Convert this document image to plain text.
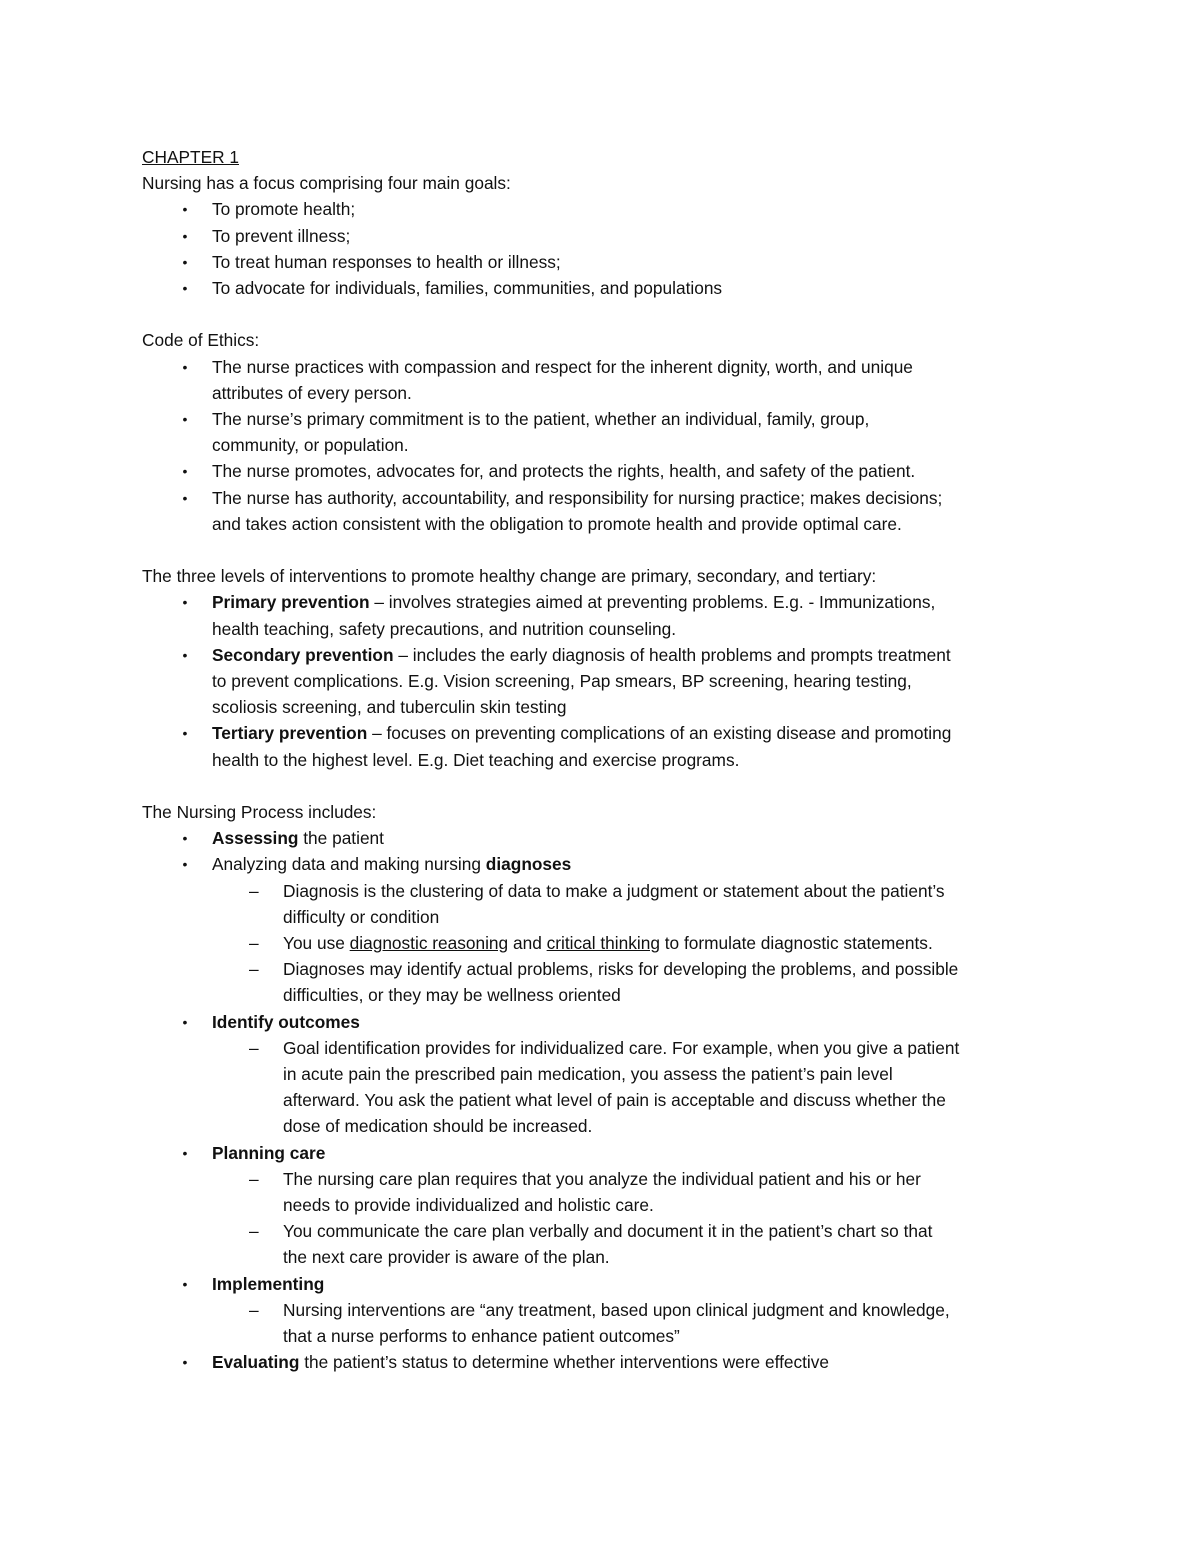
CHAPTER 1

Nursing has a focus comprising four main goals:

• To promote health;

• To prevent illness;

• To treat human responses to health or illness;

• To advocate for individuals, families, communities, and populations

Code of Ethics:

• The nurse practices with compassion and respect for the inherent dignity, worth, and unique

attributes of every person.

• The nurse’s primary commitment is to the patient, whether an individual, family, group,

community, or population.

• The nurse promotes, advocates for, and protects the rights, health, and safety of the patient.

• The nurse has authority, accountability, and responsibility for nursing practice; makes decisions;

and takes action consistent with the obligation to promote health and provide optimal care.

The three levels of interventions to promote healthy change are primary, secondary, and tertiary:

• Primary prevention – involves strategies aimed at preventing problems. E.g. - Immunizations,

health teaching, safety precautions, and nutrition counseling.

• Secondary prevention – includes the early diagnosis of health problems and prompts treatment

to prevent complications. E.g. Vision screening, Pap smears, BP screening, hearing testing,

scoliosis screening, and tuberculin skin testing

• Tertiary prevention – focuses on preventing complications of an existing disease and promoting

health to the highest level. E.g. Diet teaching and exercise programs.

The Nursing Process includes:

• Assessing the patient

• Analyzing data and making nursing diagnoses

– Diagnosis is the clustering of data to make a judgment or statement about the patient’s

difficulty or condition

– You use diagnostic reasoning and critical thinking to formulate diagnostic statements.

– Diagnoses may identify actual problems, risks for developing the problems, and possible

difficulties, or they may be wellness oriented

• Identify outcomes

– Goal identification provides for individualized care. For example, when you give a patient

in acute pain the prescribed pain medication, you assess the patient’s pain level

afterward. You ask the patient what level of pain is acceptable and discuss whether the

dose of medication should be increased.

• Planning care

– The nursing care plan requires that you analyze the individual patient and his or her

needs to provide individualized and holistic care.

– You communicate the care plan verbally and document it in the patient’s chart so that

the next care provider is aware of the plan.

• Implementing

– Nursing interventions are “any treatment, based upon clinical judgment and knowledge,

that a nurse performs to enhance patient outcomes”

• Evaluating the patient’s status to determine whether interventions were effective
